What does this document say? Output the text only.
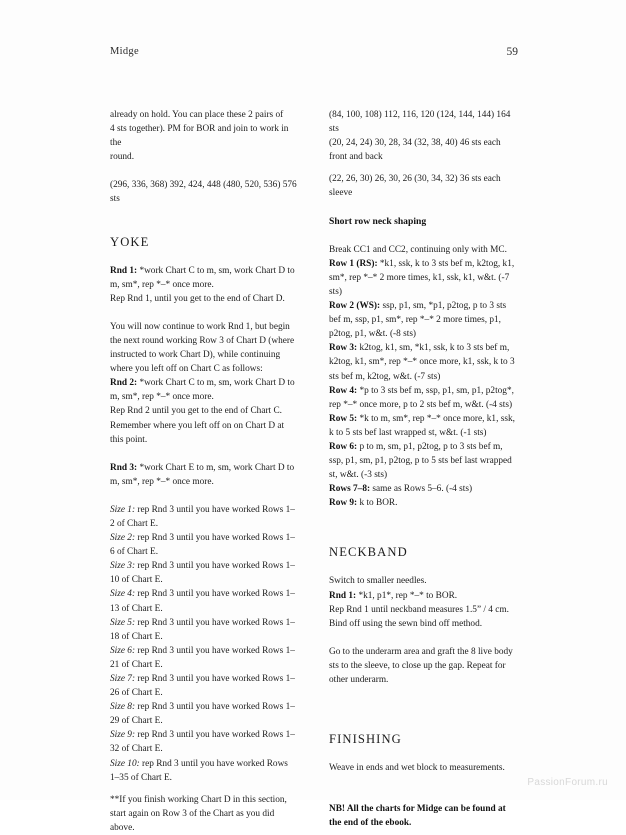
Midge	59

already on hold. You can place these 2 pairs of

4 sts together). PM for BOR and join to work in the

round.

(296, 336, 368) 392, 424, 448 (480, 520, 536) 576 sts

YOKE

Rnd 1: *work Chart C to m, sm, work Chart D to m, sm*, rep *–* once more.

Rep Rnd 1, until you get to the end of Chart D.

You will now continue to work Rnd 1, but begin the next round working Row 3 of Chart D (where instructed to work Chart D), while continuing where you left off on Chart C as follows:

Rnd 2: *work Chart C to m, sm, work Chart D to m, sm*, rep *–* once more.

Rep Rnd 2 until you get to the end of Chart C.

Remember where you left off on on Chart D at this point.

Rnd 3: *work Chart E to m, sm, work Chart D to m, sm*, rep *–* once more.

Size 1: rep Rnd 3 until you have worked Rows 1–2 of Chart E.

Size 2: rep Rnd 3 until you have worked Rows 1–6 of Chart E.

Size 3: rep Rnd 3 until you have worked Rows 1–10 of Chart E.

Size 4: rep Rnd 3 until you have worked Rows 1–13 of Chart E.

Size 5: rep Rnd 3 until you have worked Rows 1–18 of Chart E.

Size 6: rep Rnd 3 until you have worked Rows 1–21 of Chart E.

Size 7: rep Rnd 3 until you have worked Rows 1–26 of Chart E.

Size 8: rep Rnd 3 until you have worked Rows 1–29 of Chart E.

Size 9: rep Rnd 3 until you have worked Rows 1–32 of Chart E.

Size 10: rep Rnd 3 until you have worked Rows 1–35 of Chart E.

**If you finish working Chart D in this section, start again on Row 3 of the Chart as you did above.

(84, 100, 108) 112, 116, 120 (124, 144, 144) 164 sts

(20, 24, 24) 30, 28, 34 (32, 38, 40) 46 sts each front and back

(22, 26, 30) 26, 30, 26 (30, 34, 32) 36 sts each sleeve

Short row neck shaping

Break CC1 and CC2, continuing only with MC.

Row 1 (RS): *k1, ssk, k to 3 sts bef m, k2tog, k1, sm*, rep *–* 2 more times, k1, ssk, k1, w&t. (-7 sts)

Row 2 (WS): ssp, p1, sm, *p1, p2tog, p to 3 sts bef m, ssp, p1, sm*, rep *–* 2 more times, p1, p2tog, p1, w&t. (-8 sts)

Row 3: k2tog, k1, sm, *k1, ssk, k to 3 sts bef m, k2tog, k1, sm*, rep *–* once more, k1, ssk, k to 3 sts bef m, k2tog, w&t. (-7 sts)

Row 4: *p to 3 sts bef m, ssp, p1, sm, p1, p2tog*, rep *–* once more, p to 2 sts bef m, w&t. (-4 sts)

Row 5: *k to m, sm*, rep *–* once more, k1, ssk, k to 5 sts bef last wrapped st, w&t. (-1 sts)

Row 6: p to m, sm, p1, p2tog, p to 3 sts bef m, ssp, p1, sm, p1, p2tog, p to 5 sts bef last wrapped st, w&t. (-3 sts)

Rows 7–8: same as Rows 5–6. (-4 sts)

Row 9: k to BOR.

NECKBAND

Switch to smaller needles.

Rnd 1: *k1, p1*, rep *–* to BOR.

Rep Rnd 1 until neckband measures 1.5” / 4 cm.

Bind off using the sewn bind off method.

Go to the underarm area and graft the 8 live body sts to the sleeve, to close up the gap. Repeat for other underarm.

FINISHING

Weave in ends and wet block to measurements.

NB! All the charts for Midge can be found at the end of the ebook.

PassionForum.ru
